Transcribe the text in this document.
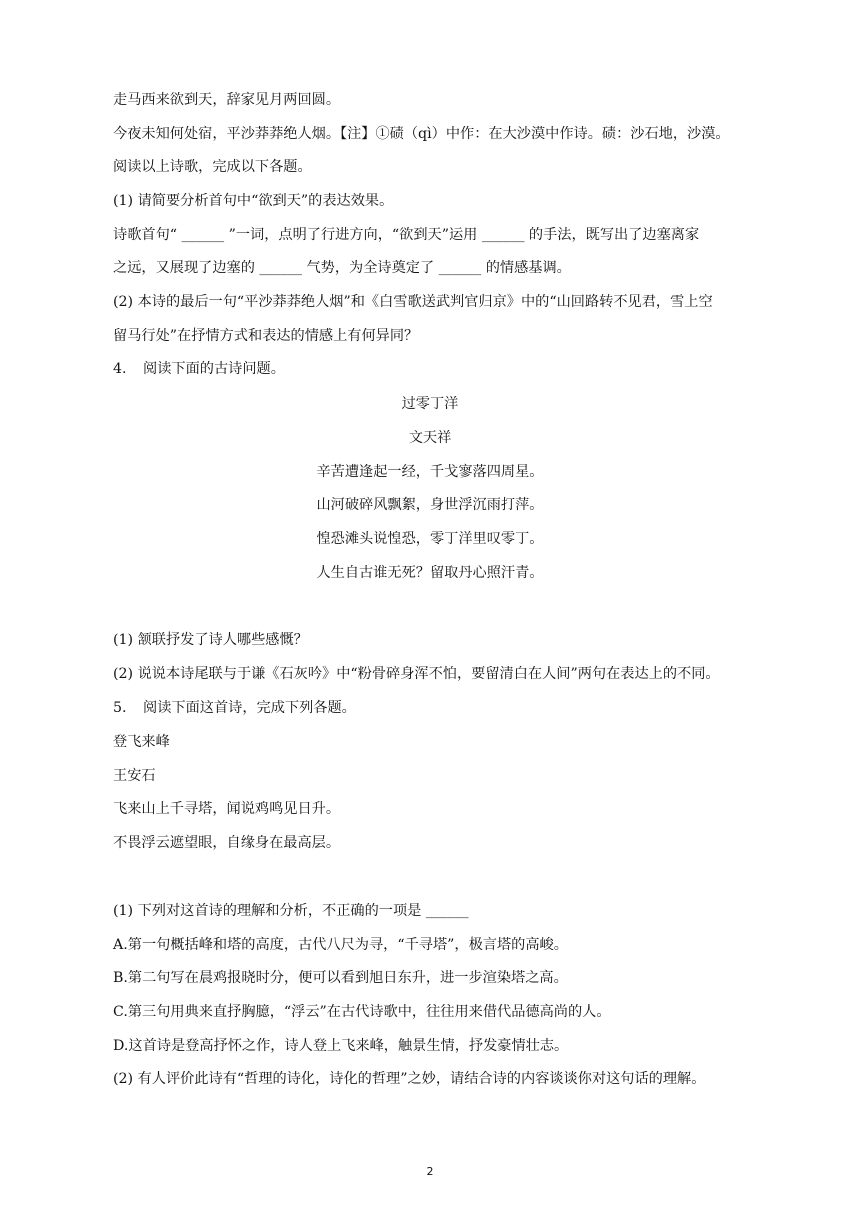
走马西来欲到天，辞家见月两回圆。
今夜未知何处宿，平沙莽莽绝人烟。【注】①碛（qì）中作：在大沙漠中作诗。碛：沙石地，沙漠。
阅读以上诗歌，完成以下各题。
(1) 请简要分析首句中“欲到天”的表达效果。
诗歌首句“ ______ ”一词，点明了行进方向，“欲到天”运用 ______ 的手法，既写出了边塞离家
之远，又展现了边塞的 ______ 气势，为全诗奠定了 ______ 的情感基调。
(2) 本诗的最后一句“平沙莽莽绝人烟”和《白雪歌送武判官归京》中的“山回路转不见君，雪上空
留马行处”在抒情方式和表达的情感上有何异同？
4. 阅读下面的古诗问题。
过零丁洋
文天祥
辛苦遭逢起一经，千戈寥落四周星。
山河破碎风飘絮，身世浮沉雨打萍。
惶恐滩头说惶恐，零丁洋里叹零丁。
人生自古谁无死？留取丹心照汗青。
(1) 颔联抒发了诗人哪些感慨？
(2) 说说本诗尾联与于谦《石灰吟》中“粉骨碎身浑不怕，要留清白在人间”两句在表达上的不同。
5. 阅读下面这首诗，完成下列各题。
登飞来峰
王安石
飞来山上千寻塔，闻说鸡鸣见日升。
不畏浮云遮望眼，自缘身在最高层。
(1) 下列对这首诗的理解和分析，不正确的一项是 ______
A.第一句概括峰和塔的高度，古代八尺为寻，“千寻塔”，极言塔的高峻。
B.第二句写在晨鸡报晓时分，便可以看到旭日东升，进一步渲染塔之高。
C.第三句用典来直抒胸臆，“浮云”在古代诗歌中，往往用来借代品德高尚的人。
D.这首诗是登高抒怀之作，诗人登上飞来峰，触景生情，抒发豪情壮志。
(2) 有人评价此诗有“哲理的诗化，诗化的哲理”之妙，请结合诗的内容谈谈你对这句话的理解。
2
